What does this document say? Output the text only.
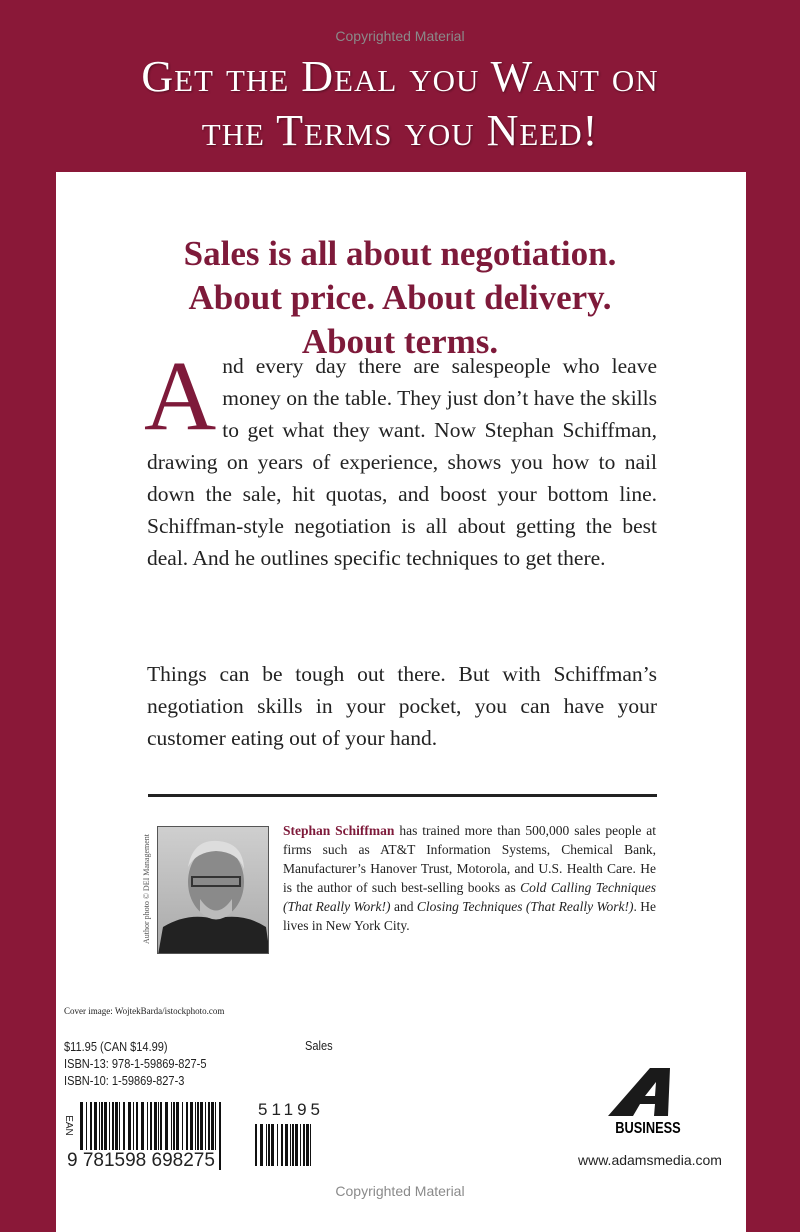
Copyrighted Material
Get the Deal you Want on
the Terms you Need!
Sales is all about negotiation.
About price. About delivery.
About terms.
And every day there are salespeople who leave money on the table. They just don’t have the skills to get what they want. Now Stephan Schiffman, drawing on years of experience, shows you how to nail down the sale, hit quotas, and boost your bottom line. Schiffman-style negotiation is all about getting the best deal. And he outlines specific techniques to get there.
Things can be tough out there. But with Schiffman’s negotiation skills in your pocket, you can have your customer eating out of your hand.
Author photo © DEI Management
Stephan Schiffman has trained more than 500,000 sales people at firms such as AT&T Information Systems, Chemical Bank, Manufacturer’s Hanover Trust, Motorola, and U.S. Health Care. He is the author of such best-selling books as Cold Calling Techniques (That Really Work!) and Closing Techniques (That Really Work!). He lives in New York City.
Cover image: WojtekBarda/istockphoto.com
$11.95 (CAN $14.99)
ISBN-13: 978-1-59869-827-5
ISBN-10: 1-59869-827-3
Sales
EAN
9 781598 698275
51195
BUSINESS
www.adamsmedia.com
Copyrighted Material
